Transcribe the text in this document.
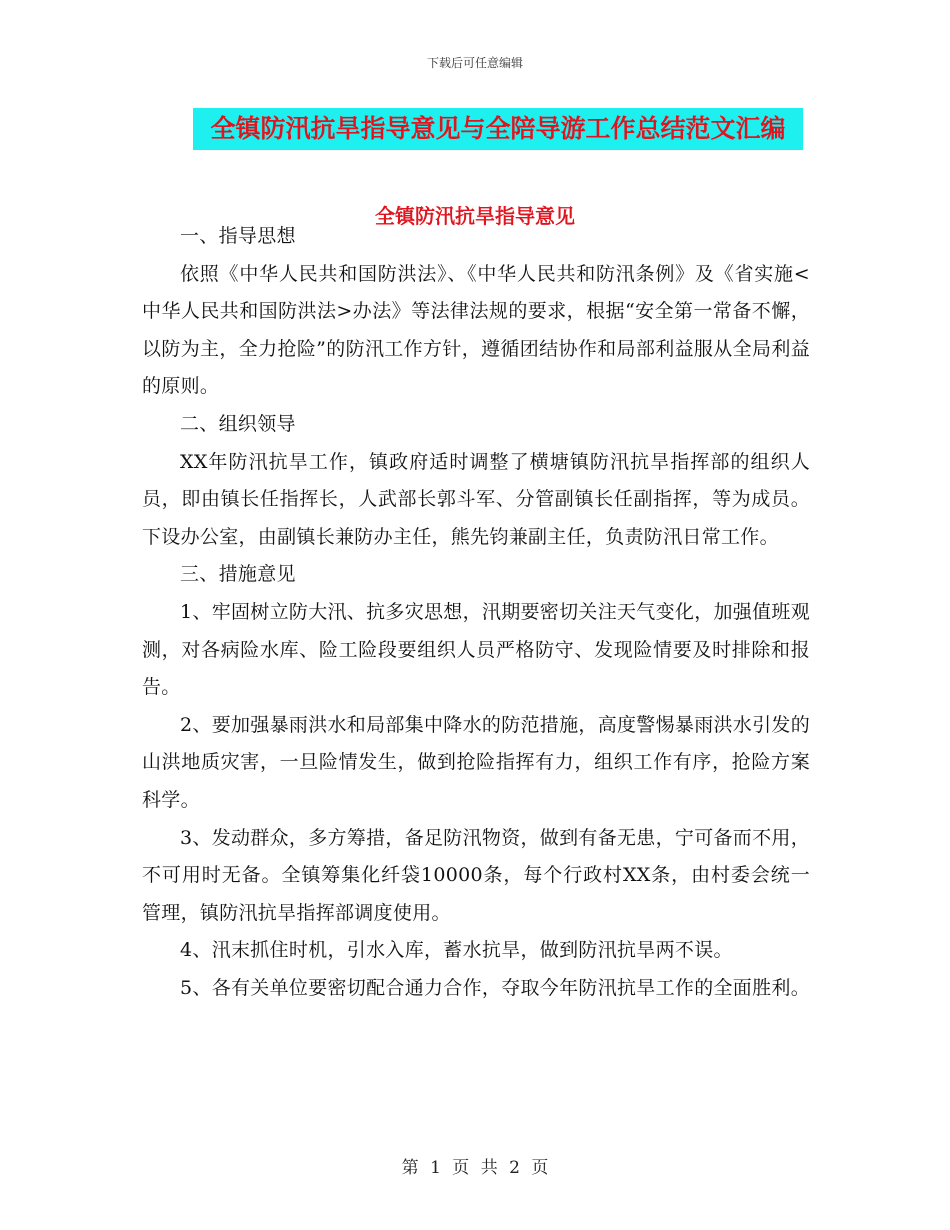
下载后可任意编辑
全镇防汛抗旱指导意见与全陪导游工作总结范文汇编
全镇防汛抗旱指导意见

一、指导思想

依照《中华人民共和国防洪法》、《中华人民共和防汛条例》及《省实施<中华人民共和国防洪法>办法》等法律法规的要求，根据“安全第一常备不懈，以防为主，全力抢险”的防汛工作方针，遵循团结协作和局部利益服从全局利益的原则。

二、组织领导

XX年防汛抗旱工作，镇政府适时调整了横塘镇防汛抗旱指挥部的组织人员，即由镇长任指挥长，人武部长郭斗军、分管副镇长任副指挥，等为成员。下设办公室，由副镇长兼防办主任，熊先钧兼副主任，负责防汛日常工作。

三、措施意见

1、牢固树立防大汛、抗多灾思想，汛期要密切关注天气变化，加强值班观测，对各病险水库、险工险段要组织人员严格防守、发现险情要及时排除和报告。

2、要加强暴雨洪水和局部集中降水的防范措施，高度警惕暴雨洪水引发的山洪地质灾害，一旦险情发生，做到抢险指挥有力，组织工作有序，抢险方案科学。

3、发动群众，多方筹措，备足防汛物资，做到有备无患，宁可备而不用，不可用时无备。全镇筹集化纤袋10000条，每个行政村XX条，由村委会统一管理，镇防汛抗旱指挥部调度使用。

4、汛末抓住时机，引水入库，蓄水抗旱，做到防汛抗旱两不误。

5、各有关单位要密切配合通力合作，夺取今年防汛抗旱工作的全面胜利。

第 1 页 共 2 页
